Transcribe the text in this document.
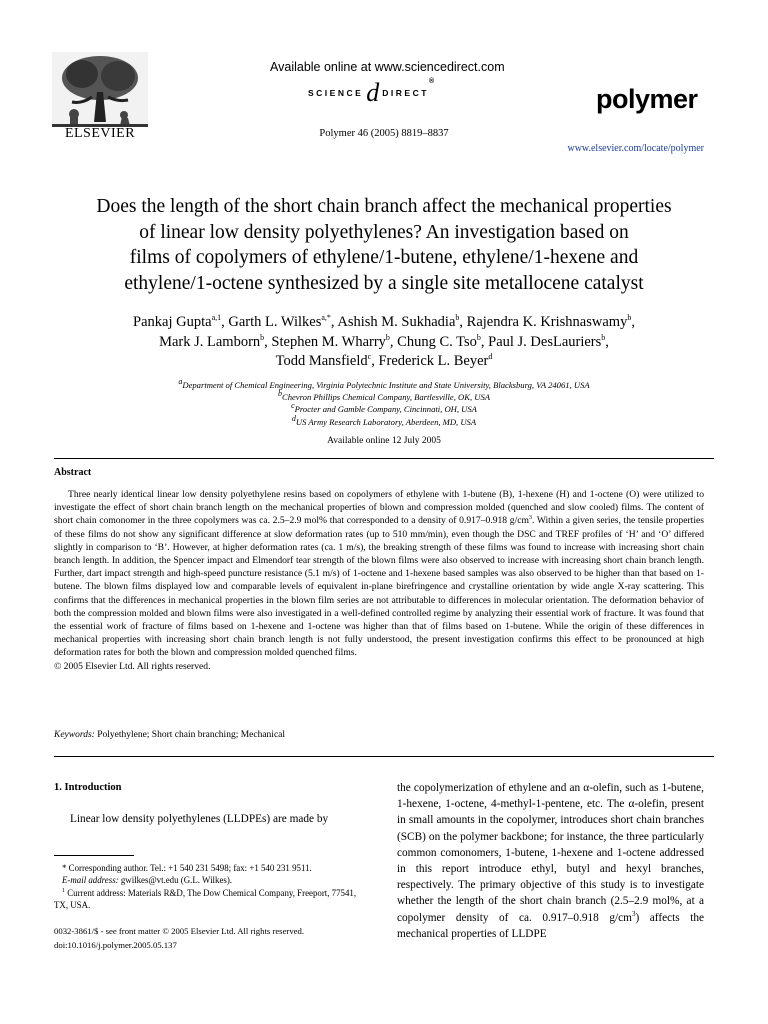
ELSEVIER
Available online at www.sciencedirect.com
SCIENCE d DIRECT®
Polymer 46 (2005) 8819–8837
polymer
www.elsevier.com/locate/polymer
Does the length of the short chain branch affect the mechanical properties
of linear low density polyethylenes? An investigation based on
films of copolymers of ethylene/1-butene, ethylene/1-hexene and
ethylene/1-octene synthesized by a single site metallocene catalyst
Pankaj Gupta$^{a,1}$, Garth L. Wilkes$^{a,*}$, Ashish M. Sukhadia$^b$, Rajendra K. Krishnaswamy$^b$,
Mark J. Lamborn$^b$, Stephen M. Wharry$^b$, Chung C. Tso$^b$, Paul J. DesLauriers$^b$,
Todd Mansfield$^c$, Frederick L. Beyer$^d$
$^a$Department of Chemical Engineering, Virginia Polytechnic Institute and State University, Blacksburg, VA 24061, USA
$^b$Chevron Phillips Chemical Company, Bartlesville, OK, USA
$^c$Procter and Gamble Company, Cincinnati, OH, USA
$^d$US Army Research Laboratory, Aberdeen, MD, USA
Available online 12 July 2005
Abstract
Three nearly identical linear low density polyethylene resins based on copolymers of ethylene with 1-butene (B), 1-hexene (H) and 1-octene (O) were utilized to investigate the effect of short chain branch length on the mechanical properties of blown and compression molded (quenched and slow cooled) films. The content of short chain comonomer in the three copolymers was ca. 2.5–2.9 mol% that corresponded to a density of 0.917–0.918 $g/cm^3$. Within a given series, the tensile properties of these films do not show any significant difference at slow deformation rates (up to 510 mm/min), even though the DSC and TREF profiles of ‘H’ and ‘O’ differed slightly in comparison to ‘B’. However, at higher deformation rates (ca. 1 m/s), the breaking strength of these films was found to increase with increasing short chain branch length. In addition, the Spencer impact and Elmendorf tear strength of the blown films were also observed to increase with increasing short chain branch length. Further, dart impact strength and high-speed puncture resistance (5.1 m/s) of 1-octene and 1-hexene based samples was also observed to be higher than that based on 1-butene. The blown films displayed low and comparable levels of equivalent in-plane birefringence and crystalline orientation by wide angle X-ray scattering. This confirms that the differences in mechanical properties in the blown film series are not attributable to differences in molecular orientation. The deformation behavior of both the compression molded and blown films were also investigated in a well-defined controlled regime by analyzing their essential work of fracture. It was found that the essential work of fracture of films based on 1-hexene and 1-octene was higher than that of films based on 1-butene. While the origin of these differences in mechanical properties with increasing short chain branch length is not fully understood, the present investigation confirms this effect to be pronounced at high deformation rates for both the blown and compression molded quenched films.
© 2005 Elsevier Ltd. All rights reserved.
Keywords: Polyethylene; Short chain branching; Mechanical
1. Introduction
Linear low density polyethylenes (LLDPEs) are made by

* Corresponding author. Tel.: +1 540 231 5498; fax: +1 540 231 9511.

E-mail address: gwilkes@vt.edu (G.L. Wilkes).

$^1$ Current address: Materials R&D, The Dow Chemical Company, Freeport, 77541, TX, USA.

0032-3861/$ - see front matter © 2005 Elsevier Ltd. All rights reserved.
doi:10.1016/j.polymer.2005.05.137
the copolymerization of ethylene and an α-olefin, such as 1-butene, 1-hexene, 1-octene, 4-methyl-1-pentene, etc. The α-olefin, present in small amounts in the copolymer, introduces short chain branches (SCB) on the polymer backbone; for instance, the three particularly common comonomers, 1-butene, 1-hexene and 1-octene addressed in this report introduce ethyl, butyl and hexyl branches, respectively. The primary objective of this study is to investigate whether the length of the short chain branch (2.5–2.9 mol%, at a copolymer density of ca. 0.917–0.918 $g/cm^3$) affects the mechanical properties of LLDPE
